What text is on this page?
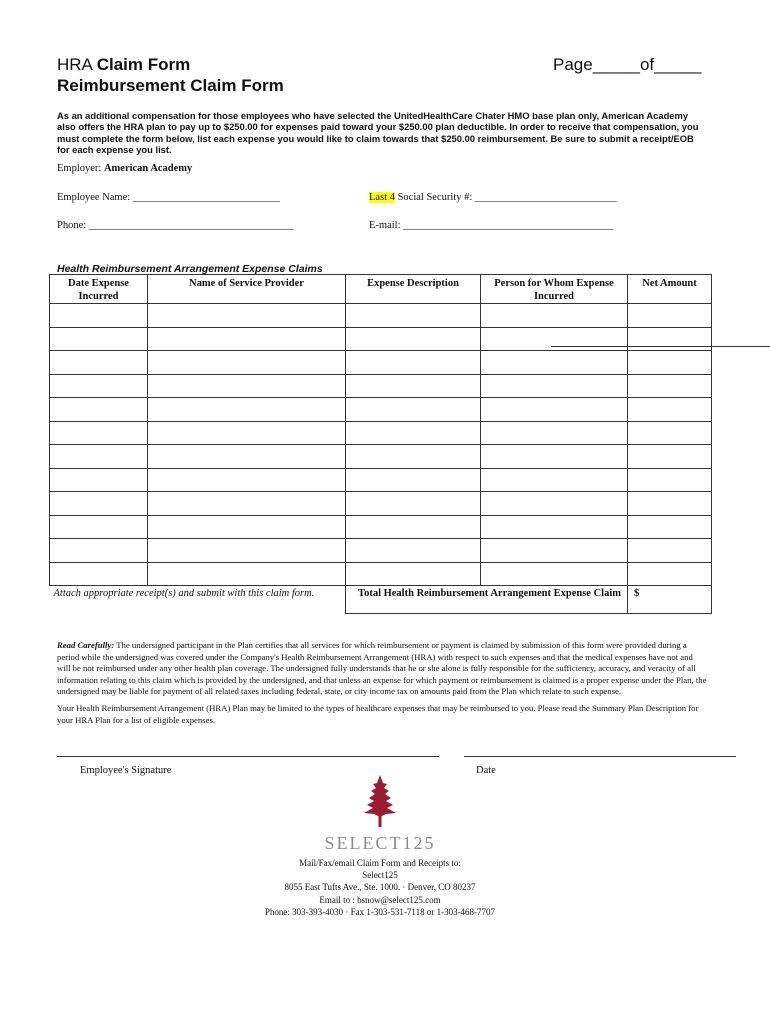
HRA Claim Form
Reimbursement Claim Form
Page_____of_____
As an additional compensation for those employees who have selected the UnitedHealthCare Chater HMO base plan only, American Academy also offers the HRA plan to pay up to $250.00 for expenses paid toward your $250.00 plan deductible. In order to receive that compensation, you must complete the form below, list each expense you would like to claim towards that $250.00 reimbursement. Be sure to submit a receipt/EOB for each expense you list.
Employer: American Academy
Employee Name: ____________________________	Last 4 Social Security #: ___________________________
Phone: _______________________________________	E-mail: ________________________________________
Health Reimbursement Arrangement Expense Claims
Date Expense Incurred	Name of Service Provider	Expense Description	Person for Whom Expense Incurred	Net Amount

Attach appropriate receipt(s) and submit with this claim form.		Total Health Reimbursement Arrangement Expense Claim		$

Read Carefully: The undersigned participant in the Plan certifies that all services for which reimbursement or payment is claimed by submission of this form were provided during a period while the undersigned was covered under the Company's Health Reimbursement Arrangement (HRA) with respect to such expenses and that the medical expenses have not and will be not reimbursed under any other health plan coverage. The undersigned fully understands that he or she alone is fully responsible for the sufficiency, accuracy, and veracity of all information relating to this claim which is provided by the undersigned, and that unless an expense for which payment or reimbursement is claimed is a proper expense under the Plan, the undersigned may be liable for payment of all related taxes including federal, state, or city income tax on amounts paid from the Plan which relate to such expense.

Your Health Reimbursement Arrangement (HRA) Plan may be limited to the types of healthcare expenses that may be reimbursed to you. Please read the Summary Plan Description for your HRA Plan for a list of eligible expenses.

Employee's Signature	Date
SELECT125
Mail/Fax/email Claim Form and Receipts to:
Select125
8055 East Tufts Ave., Ste. 1000. · Denver, CO 80237
Email to : bsnow@select125.com
Phone: 303-393-4030 · Fax 1-303-531-7118 or 1-303-468-7707
